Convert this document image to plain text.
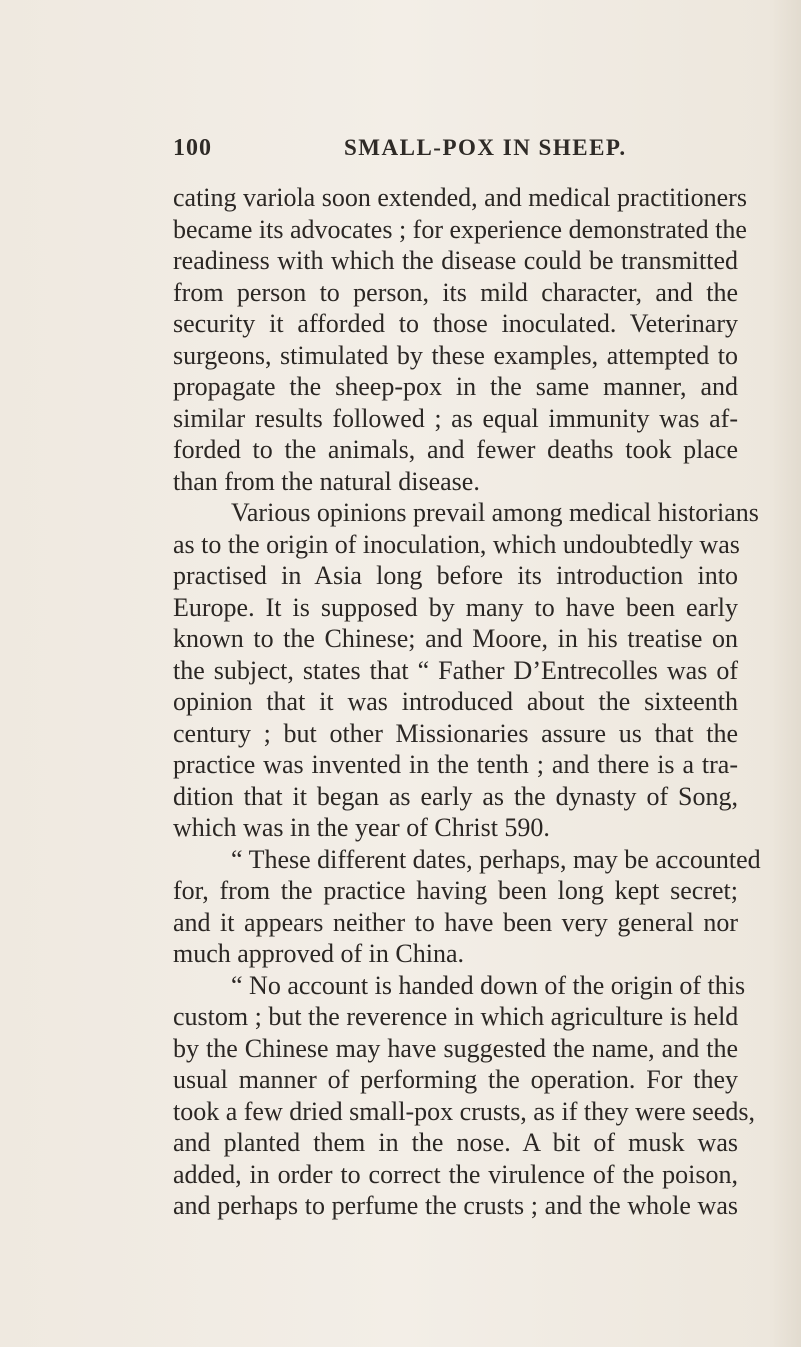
100	SMALL-POX IN SHEEP.
cating variola soon extended, and medical practitioners
became its advocates ; for experience demonstrated the
readiness with which the disease could be transmitted
from person to person, its mild character, and the
security it afforded to those inoculated. Veterinary
surgeons, stimulated by these examples, attempted to
propagate the sheep-pox in the same manner, and
similar results followed ; as equal immunity was af-
forded to the animals, and fewer deaths took place
than from the natural disease.
Various opinions prevail among medical historians
as to the origin of inoculation, which undoubtedly was
practised in Asia long before its introduction into
Europe. It is supposed by many to have been early
known to the Chinese; and Moore, in his treatise on
the subject, states that “ Father D’Entrecolles was of
opinion that it was introduced about the sixteenth
century ; but other Missionaries assure us that the
practice was invented in the tenth ; and there is a tra-
dition that it began as early as the dynasty of Song,
which was in the year of Christ 590.
“ These different dates, perhaps, may be accounted
for, from the practice having been long kept secret;
and it appears neither to have been very general nor
much approved of in China.
“ No account is handed down of the origin of this
custom ; but the reverence in which agriculture is held
by the Chinese may have suggested the name, and the
usual manner of performing the operation. For they
took a few dried small-pox crusts, as if they were seeds,
and planted them in the nose. A bit of musk was
added, in order to correct the virulence of the poison,
and perhaps to perfume the crusts ; and the whole was
